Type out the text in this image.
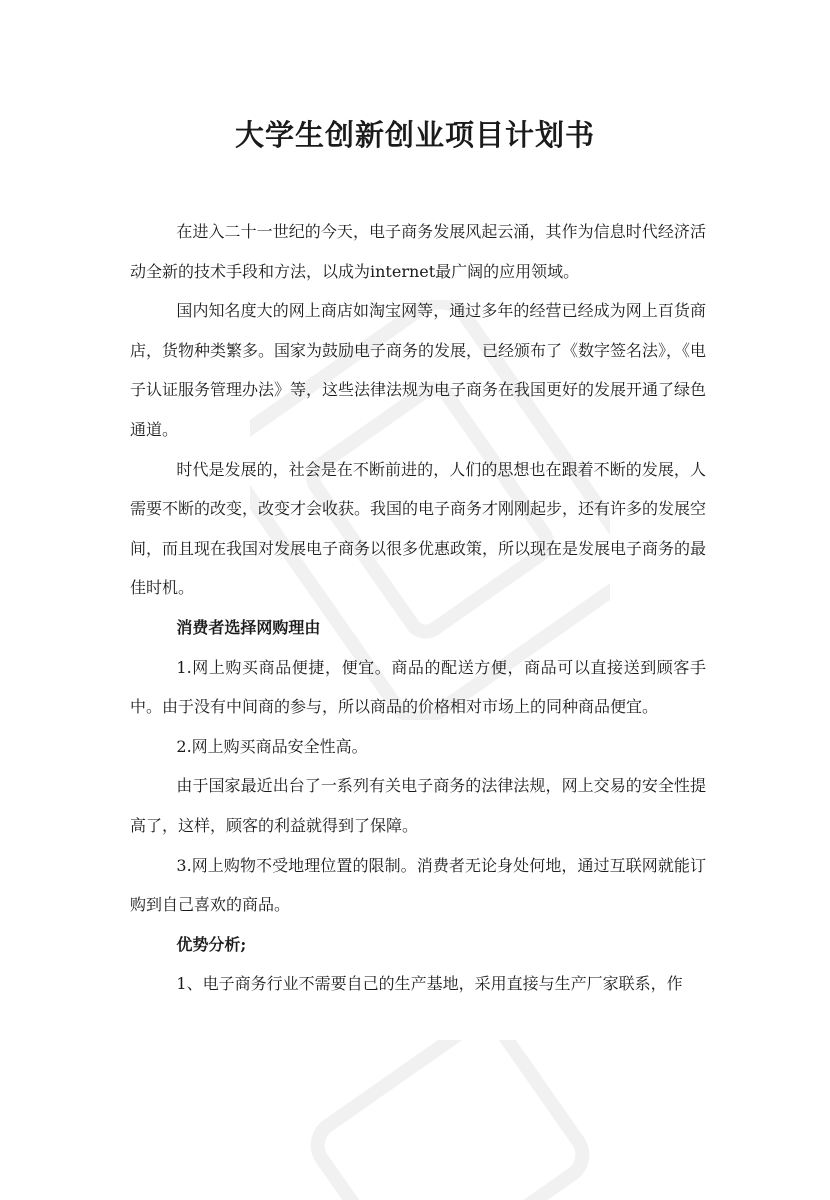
大学生创新创业项目计划书

在进入二十一世纪的今天，电子商务发展风起云涌，其作为信息时代经济活动全新的技术手段和方法，以成为internet最广阔的应用领域。

国内知名度大的网上商店如淘宝网等，通过多年的经营已经成为网上百货商店，货物种类繁多。国家为鼓励电子商务的发展，已经颁布了《数字签名法》，《电子认证服务管理办法》等，这些法律法规为电子商务在我国更好的发展开通了绿色通道。

时代是发展的，社会是在不断前进的，人们的思想也在跟着不断的发展，人需要不断的改变，改变才会收获。我国的电子商务才刚刚起步，还有许多的发展空间，而且现在我国对发展电子商务以很多优惠政策，所以现在是发展电子商务的最佳时机。

消费者选择网购理由

1.网上购买商品便捷，便宜。商品的配送方便，商品可以直接送到顾客手中。由于没有中间商的参与，所以商品的价格相对市场上的同种商品便宜。

2.网上购买商品安全性高。

由于国家最近出台了一系列有关电子商务的法律法规，网上交易的安全性提高了，这样，顾客的利益就得到了保障。

3.网上购物不受地理位置的限制。消费者无论身处何地，通过互联网就能订购到自己喜欢的商品。

优势分析;

1、电子商务行业不需要自己的生产基地，采用直接与生产厂家联系，作
